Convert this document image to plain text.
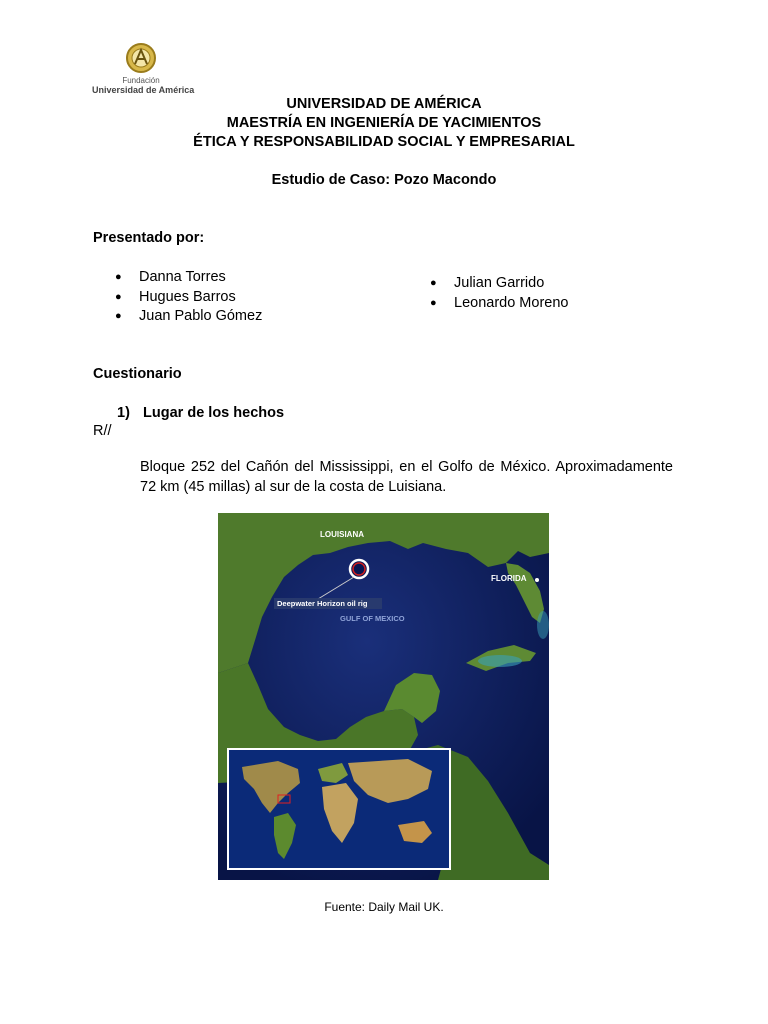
Fundación
Universidad de América
UNIVERSIDAD DE AMÉRICA
MAESTRÍA EN INGENIERÍA DE YACIMIENTOS
ÉTICA Y RESPONSABILIDAD SOCIAL Y EMPRESARIAL
Estudio de Caso: Pozo Macondo
Presentado por:
● Danna Torres
● Hugues Barros
● Juan Pablo Gómez
● Julian Garrido
● Leonardo Moreno
Cuestionario
1) Lugar de los hechos
R//
Bloque 252 del Cañón del Mississippi, en el Golfo de México. Aproximadamente 72 km (45 millas) al sur de la costa de Luisiana.
LOUISIANA
FLORIDA
GULF OF MEXICO
Deepwater Horizon oil rig
Fuente: Daily Mail UK.
